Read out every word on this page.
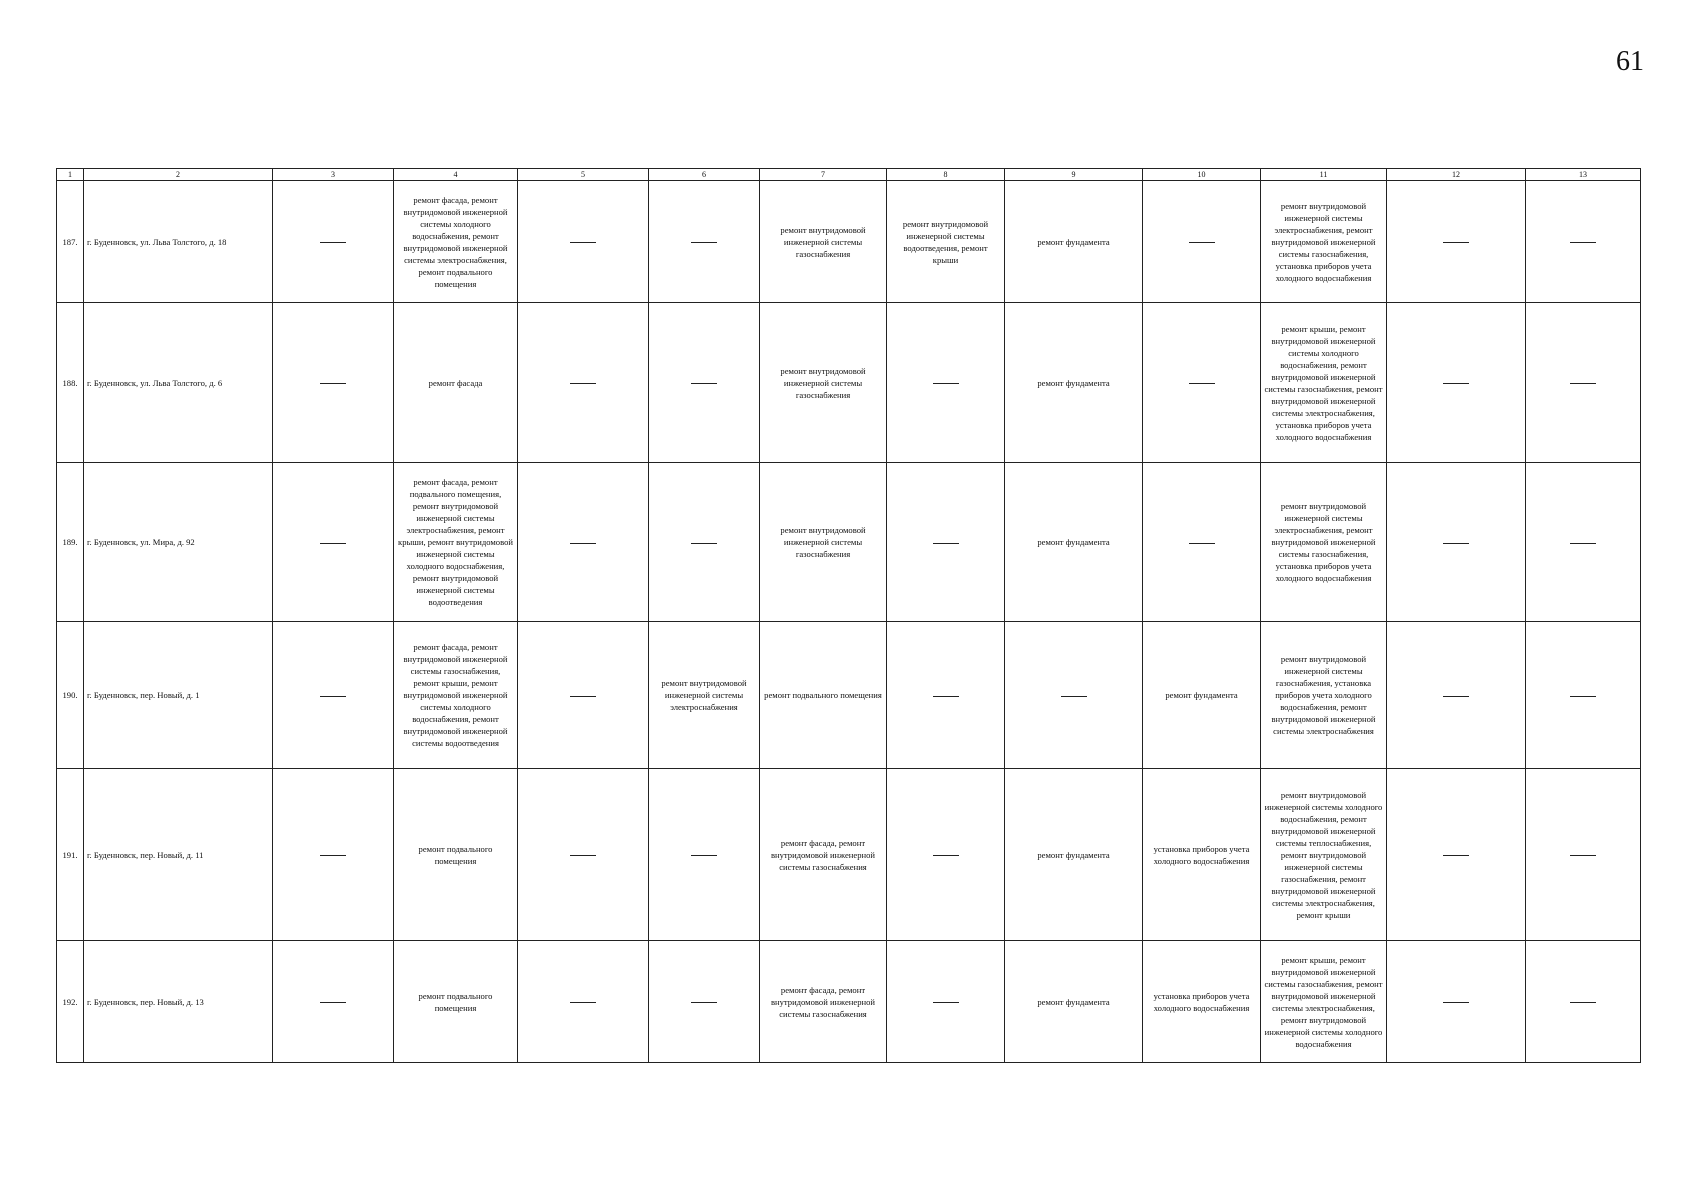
61
1	2	3	4	5	6	7	8	9	10	11	12	13
187.	г. Буденновск, ул. Льва Толстого, д. 18		ремонт фасада, ремонт внутридомовой инженерной системы холодного водоснабжения, ремонт внутридомовой инженерной системы электроснабжения, ремонт подвального помещения			ремонт внутридомовой инженерной системы газоснабжения	ремонт внутридомовой инженерной системы водоотведения, ремонт крыши	ремонт фундамента		ремонт внутридомовой инженерной системы электроснабжения, ремонт внутридомовой инженерной системы газоснабжения, установка приборов учета холодного водоснабжения		
188.	г. Буденновск, ул. Льва Толстого, д. 6		ремонт фасада			ремонт внутридомовой инженерной системы газоснабжения		ремонт фундамента		ремонт крыши, ремонт внутридомовой инженерной системы холодного водоснабжения, ремонт внутридомовой инженерной системы газоснабжения, ремонт внутридомовой инженерной системы электроснабжения, установка приборов учета холодного водоснабжения		
189.	г. Буденновск, ул. Мира, д. 92		ремонт фасада, ремонт подвального помещения, ремонт внутридомовой инженерной системы электроснабжения, ремонт крыши, ремонт внутридомовой инженерной системы холодного водоснабжения, ремонт внутридомовой инженерной системы водоотведения			ремонт внутридомовой инженерной системы газоснабжения		ремонт фундамента		ремонт внутридомовой инженерной системы электроснабжения, ремонт внутридомовой инженерной системы газоснабжения, установка приборов учета холодного водоснабжения		
190.	г. Буденновск, пер. Новый, д. 1		ремонт фасада, ремонт внутридомовой инженерной системы газоснабжения, ремонт крыши, ремонт внутридомовой инженерной системы холодного водоснабжения, ремонт внутридомовой инженерной системы водоотведения		ремонт внутридомовой инженерной системы электроснабжения	ремонт подвального помещения			ремонт фундамента	ремонт внутридомовой инженерной системы газоснабжения, установка приборов учета холодного водоснабжения, ремонт внутридомовой инженерной системы электроснабжения		
191.	г. Буденновск, пер. Новый, д. 11		ремонт подвального помещения			ремонт фасада, ремонт внутридомовой инженерной системы газоснабжения		ремонт фундамента	установка приборов учета холодного водоснабжения	ремонт внутридомовой инженерной системы холодного водоснабжения, ремонт внутридомовой инженерной системы теплоснабжения, ремонт внутридомовой инженерной системы газоснабжения, ремонт внутридомовой инженерной системы электроснабжения, ремонт крыши		
192.	г. Буденновск, пер. Новый, д. 13		ремонт подвального помещения			ремонт фасада, ремонт внутридомовой инженерной системы газоснабжения		ремонт фундамента	установка приборов учета холодного водоснабжения	ремонт крыши, ремонт внутридомовой инженерной системы газоснабжения, ремонт внутридомовой инженерной системы электроснабжения, ремонт внутридомовой инженерной системы холодного водоснабжения		
